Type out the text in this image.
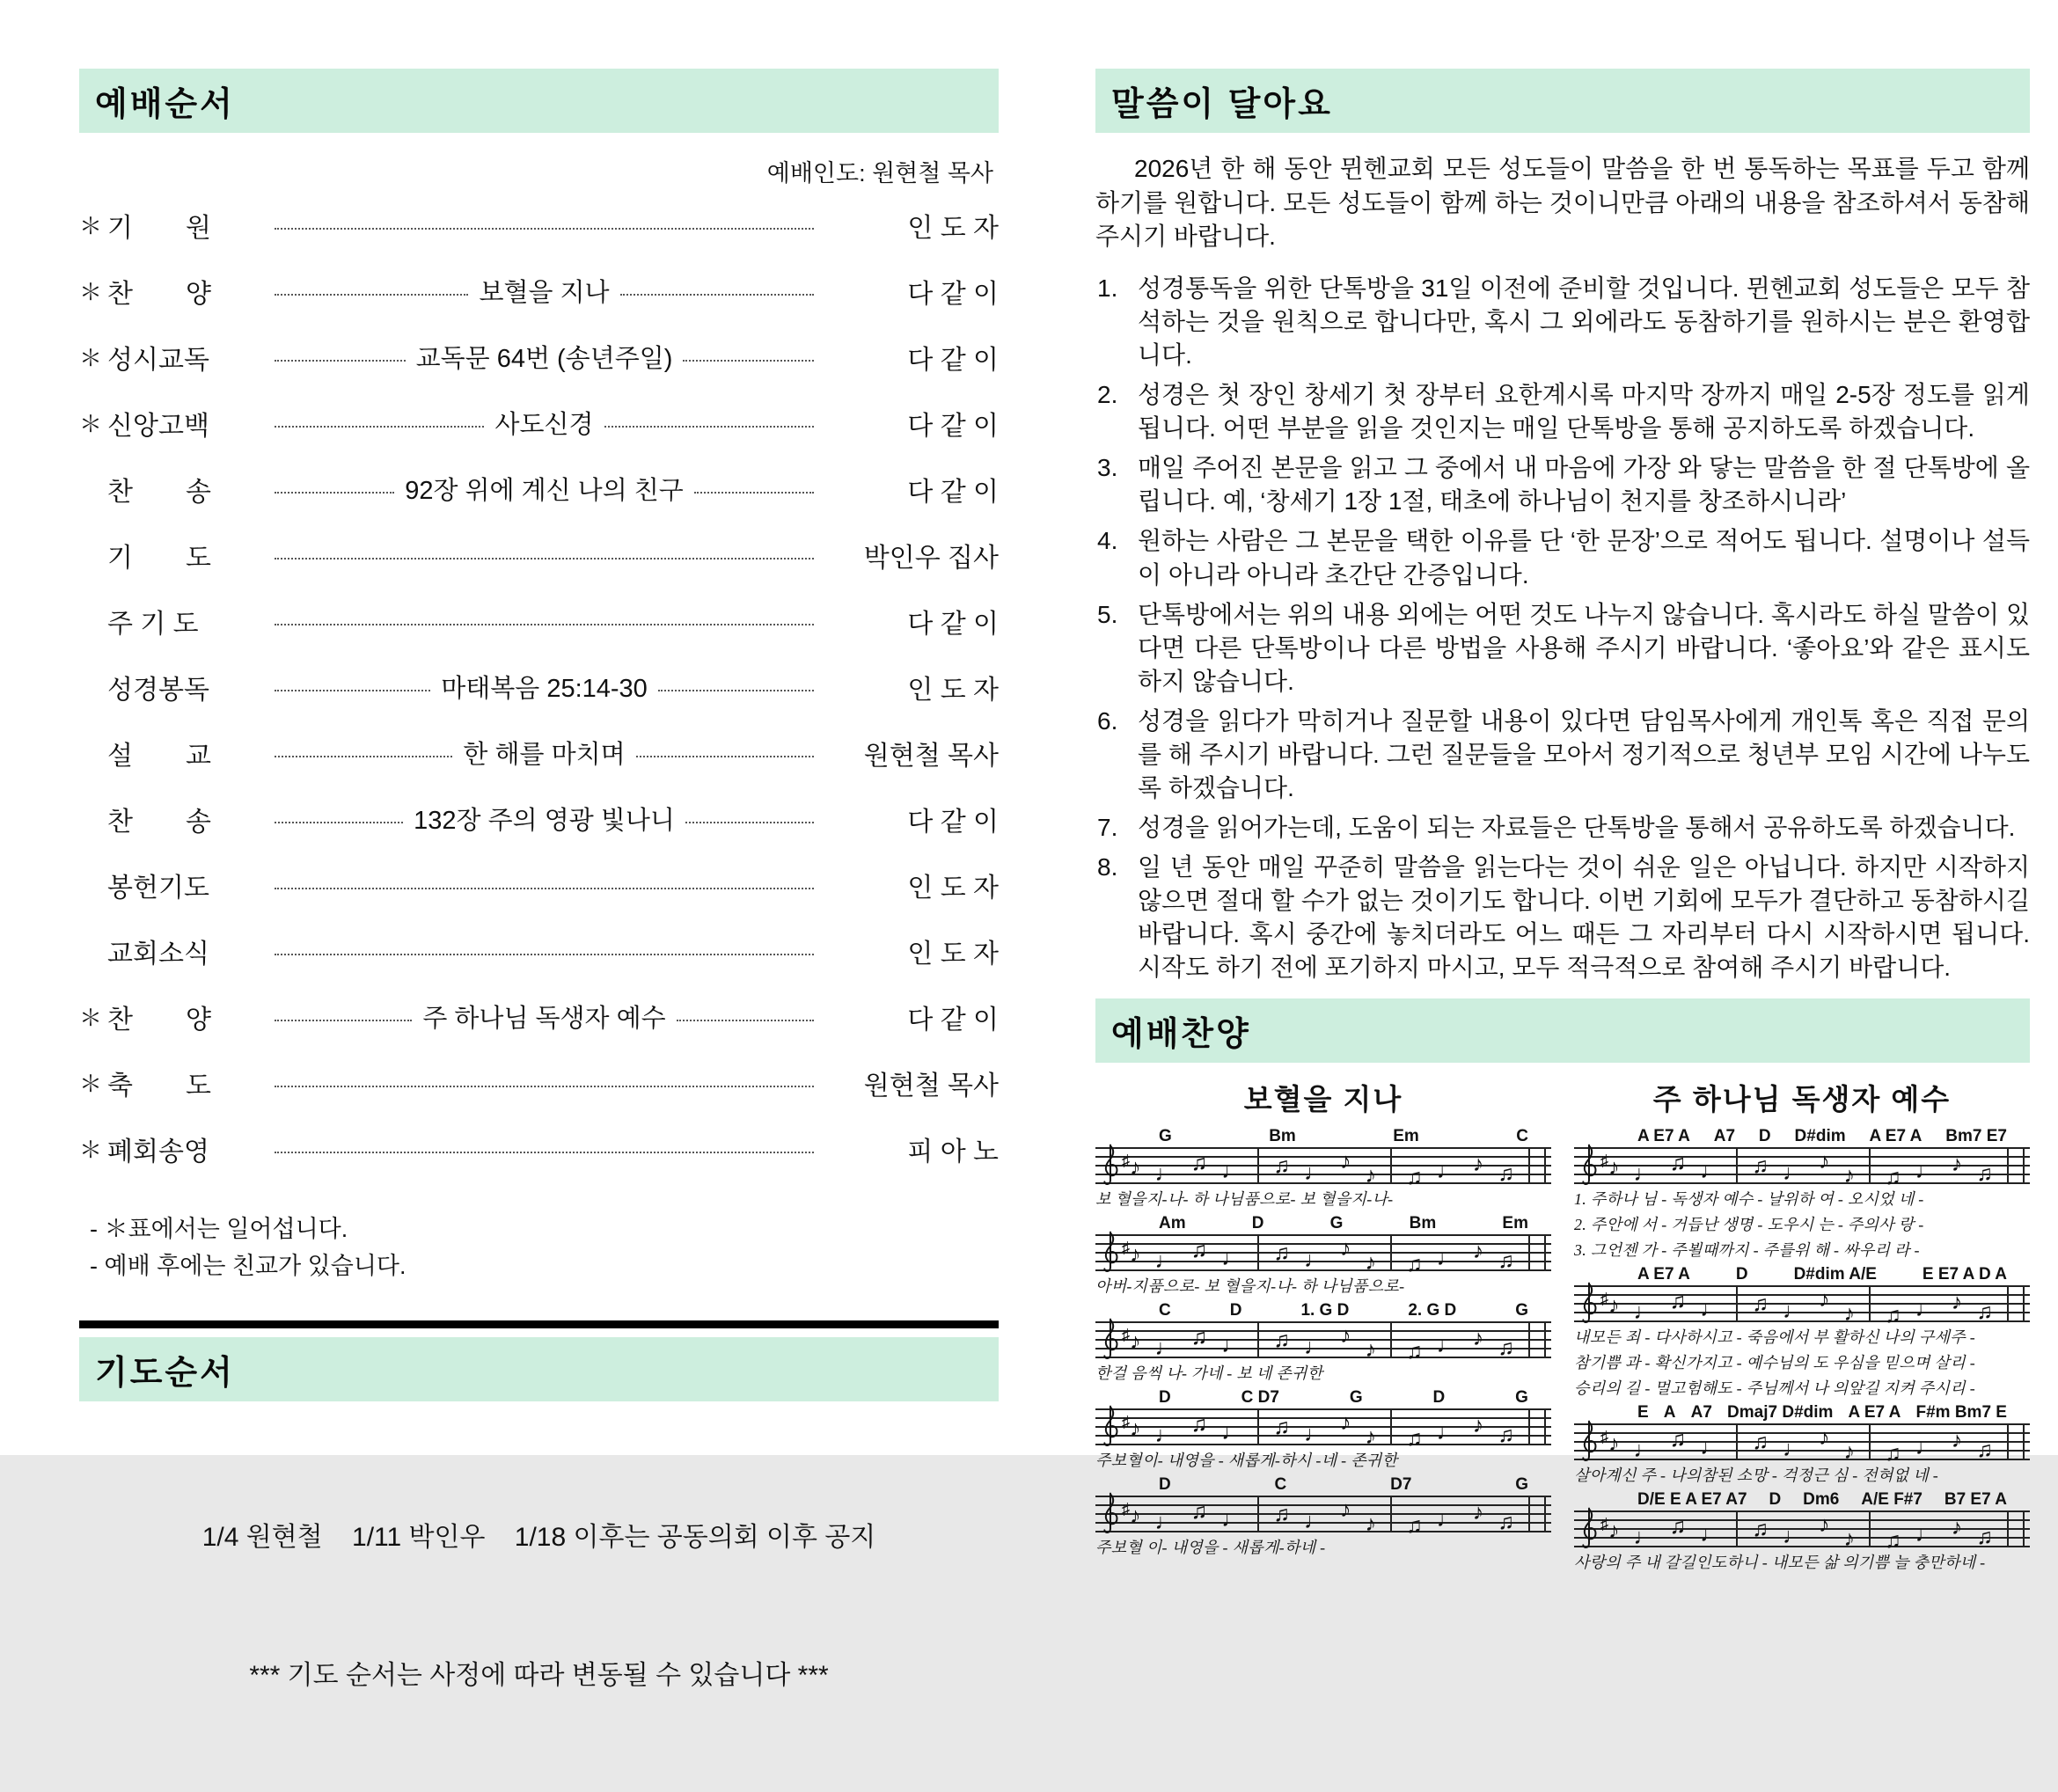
예배순서
예배인도: 원현철 목사
＊ 기　　원	인 도 자
＊ 찬　　양	보혈을 지나	다 같 이
＊ 성시교독	교독문 64번 (송년주일)	다 같 이
＊ 신앙고백	사도신경	다 같 이
찬　　송	92장 위에 계신 나의 친구	다 같 이
기　　도	박인우 집사
주 기 도	다 같 이
성경봉독	마태복음 25:14-30	인 도 자
설　　교	한 해를 마치며	원현철 목사
찬　　송	132장 주의 영광 빛나니	다 같 이
봉헌기도	인 도 자
교회소식	인 도 자
＊ 찬　　양	주 하나님 독생자 예수	다 같 이
＊ 축　　도	원현철 목사
＊ 폐회송영	피 아 노
- ＊표에서는 일어섭니다.
- 예배 후에는 친교가 있습니다.
기도순서

1/4 원현철    1/11 박인우    1/18 이후는 공동의회 이후 공지

*** 기도 순서는 사정에 따라 변동될 수 있습니다 ***

말씀이 달아요
2026년 한 해 동안 뮌헨교회 모든 성도들이 말씀을 한 번 통독하는 목표를 두고 함께 하기를 원합니다. 모든 성도들이 함께 하는 것이니만큼 아래의 내용을 참조하셔서 동참해 주시기 바랍니다.
1. 성경통독을 위한 단톡방을 31일 이전에 준비할 것입니다. 뮌헨교회 성도들은 모두 참석하는 것을 원칙으로 합니다만, 혹시 그 외에라도 동참하기를 원하시는 분은 환영합니다.
2. 성경은 첫 장인 창세기 첫 장부터 요한계시록 마지막 장까지 매일 2-5장 정도를 읽게 됩니다. 어떤 부분을 읽을 것인지는 매일 단톡방을 통해 공지하도록 하겠습니다.
3. 매일 주어진 본문을 읽고 그 중에서 내 마음에 가장 와 닿는 말씀을 한 절 단톡방에 올립니다. 예, ‘창세기 1장 1절, 태초에 하나님이 천지를 창조하시니라’
4. 원하는 사람은 그 본문을 택한 이유를 단 ‘한 문장’으로 적어도 됩니다. 설명이나 설득이 아니라 아니라 초간단 간증입니다.
5. 단톡방에서는 위의 내용 외에는 어떤 것도 나누지 않습니다. 혹시라도 하실 말씀이 있다면 다른 단톡방이나 다른 방법을 사용해 주시기 바랍니다. ‘좋아요’와 같은 표시도 하지 않습니다.
6. 성경을 읽다가 막히거나 질문할 내용이 있다면 담임목사에게 개인톡 혹은 직접 문의를 해 주시기 바랍니다. 그런 질문들을 모아서 정기적으로 청년부 모임 시간에 나누도록 하겠습니다.
7. 성경을 읽어가는데, 도움이 되는 자료들은 단톡방을 통해서 공유하도록 하겠습니다.
8. 일 년 동안 매일 꾸준히 말씀을 읽는다는 것이 쉬운 일은 아닙니다. 하지만 시작하지 않으면 절대 할 수가 없는 것이기도 합니다. 이번 기회에 모두가 결단하고 동참하시길 바랍니다. 혹시 중간에 놓치더라도 어느 때든 그 자리부터 다시 시작하시면 됩니다. 시작도 하기 전에 포기하지 마시고, 모두 적극적으로 참여해 주시기 바랍니다.
예배찬양
보혈을 지나
G	Bm	Em	C
♯ ♪ ♩ ♫ ♩ ♫ ♩ ♪
♪ ♫ ♩ ♪ ♫
보 혈을지-나- 하 나님품으로- 보 혈을지-나-
Am	D	G	Bm	Em
♯ ♪ ♩ ♫ ♩ ♫ ♩ ♪
♪ ♫ ♩ ♪ ♫
아버-지품으로- 보 혈을지-나- 하 나님품으로-
C	D	1. G D	2. G D	G
♯ ♪ ♩ ♫ ♩ ♫ ♩ ♪
♪ ♫ ♩ ♪ ♫
한걸 음씩 나- 가네 - 보 네 존귀한
D	C D7	G	D	G
♯ ♪ ♩ ♫ ♩ ♫ ♩ ♪
♪ ♫ ♩ ♪ ♫
주보혈이- 내영을 - 새롭게-하시 -네 - 존귀한
D	C	D7	G
♯ ♪ ♩ ♫ ♩ ♫ ♩ ♪
♪ ♫ ♩ ♪ ♫
주보혈 이- 내영을 - 새롭게-하네 -
주 하나님 독생자 예수
A E7 A A7 D D#dim A E7 A Bm7 E7
♯ ♪ ♩ ♫ ♩ ♫ ♩ ♪
♪ ♫ ♩ ♪ ♫
1. 주하나 님 - 독생자 예수 - 날위하 여 - 오시었 네 -
2. 주안에 서 - 거듭난 생명 - 도우시 는 - 주의사 랑 -
3. 그언젠 가 - 주뵐때까지 - 주를위 해 - 싸우리 라 -
A E7 A	D	D#dim A/E	E E7 A D A
♯ ♪ ♩ ♫ ♩ ♫ ♩ ♪
♪ ♫ ♩ ♪ ♫
내모든 죄 - 다사하시고 - 죽음에서 부 활하신 나의 구세주 -
참기쁨 과 - 확신가지고 - 예수님의 도 우심을 믿으며 살리 -
승리의 길 - 멀고험해도 - 주님께서 나 의앞길 지켜 주시리 -
E A A7 Dmaj7 D#dim A E7 A F#m Bm7 E
♯ ♪ ♩ ♫ ♩ ♫ ♩ ♪
♪ ♫ ♩ ♪ ♫
살아계신 주 - 나의참된 소망 - 걱정근 심 - 전혀없 네 -
D/E E A E7 A7 D Dm6 A/E F#7 B7 E7 A
♯ ♪ ♩ ♫ ♩ ♫ ♩ ♪
♪ ♫ ♩ ♪ ♫
사랑의 주 내 갈길인도하니 - 내모든 삶 의기쁨 늘 충만하네 -
